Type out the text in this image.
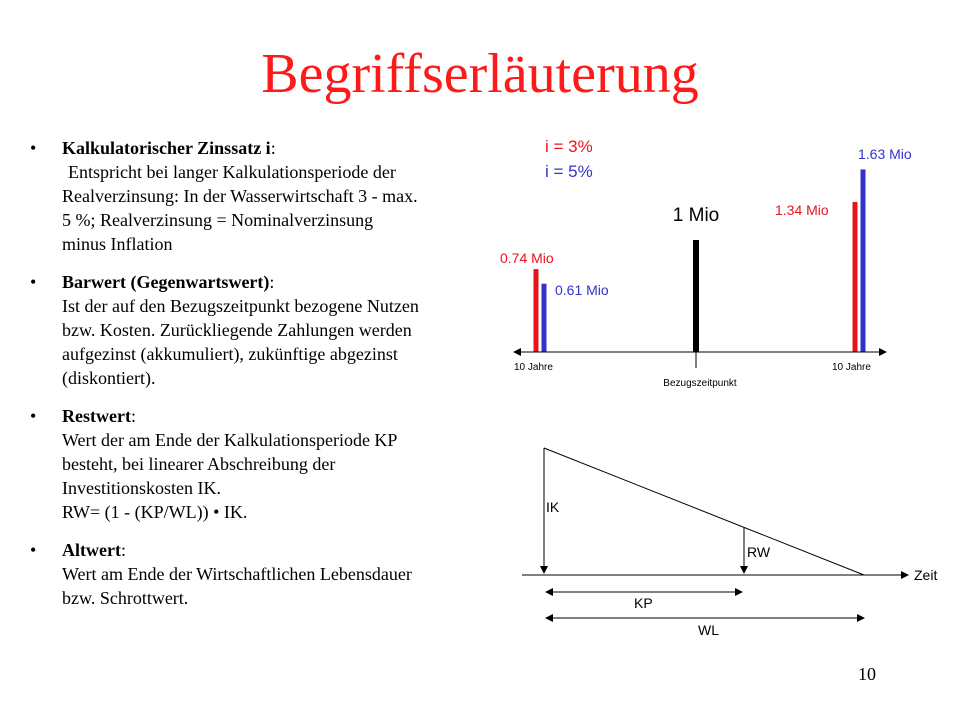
Begriffserläuterung
• Kalkulatorischer Zinssatz i:
Entspricht bei langer Kalkulationsperiode der
Realverzinsung: In der Wasserwirtschaft 3 - max.
5 %; Realverzinsung = Nominalverzinsung
minus Inflation
• Barwert (Gegenwartswert):
Ist der auf den Bezugszeitpunkt bezogene Nutzen
bzw. Kosten. Zurückliegende Zahlungen werden
aufgezinst (akkumuliert), zukünftige abgezinst
(diskontiert).
• Restwert:
Wert der am Ende der Kalkulationsperiode KP
besteht, bei linearer Abschreibung der
Investitionskosten IK.
RW= (1 - (KP/WL)) • IK.
• Altwert:
Wert am Ende der Wirtschaftlichen Lebensdauer
bzw. Schrottwert.
i = 3%
i = 5%
0.74 Mio
0.61 Mio
1 Mio	1.34 Mio
1.63 Mio
10 Jahre
Bezugszeitpunkt
10 Jahre
IK
RW
Zeit
KP
WL
10
